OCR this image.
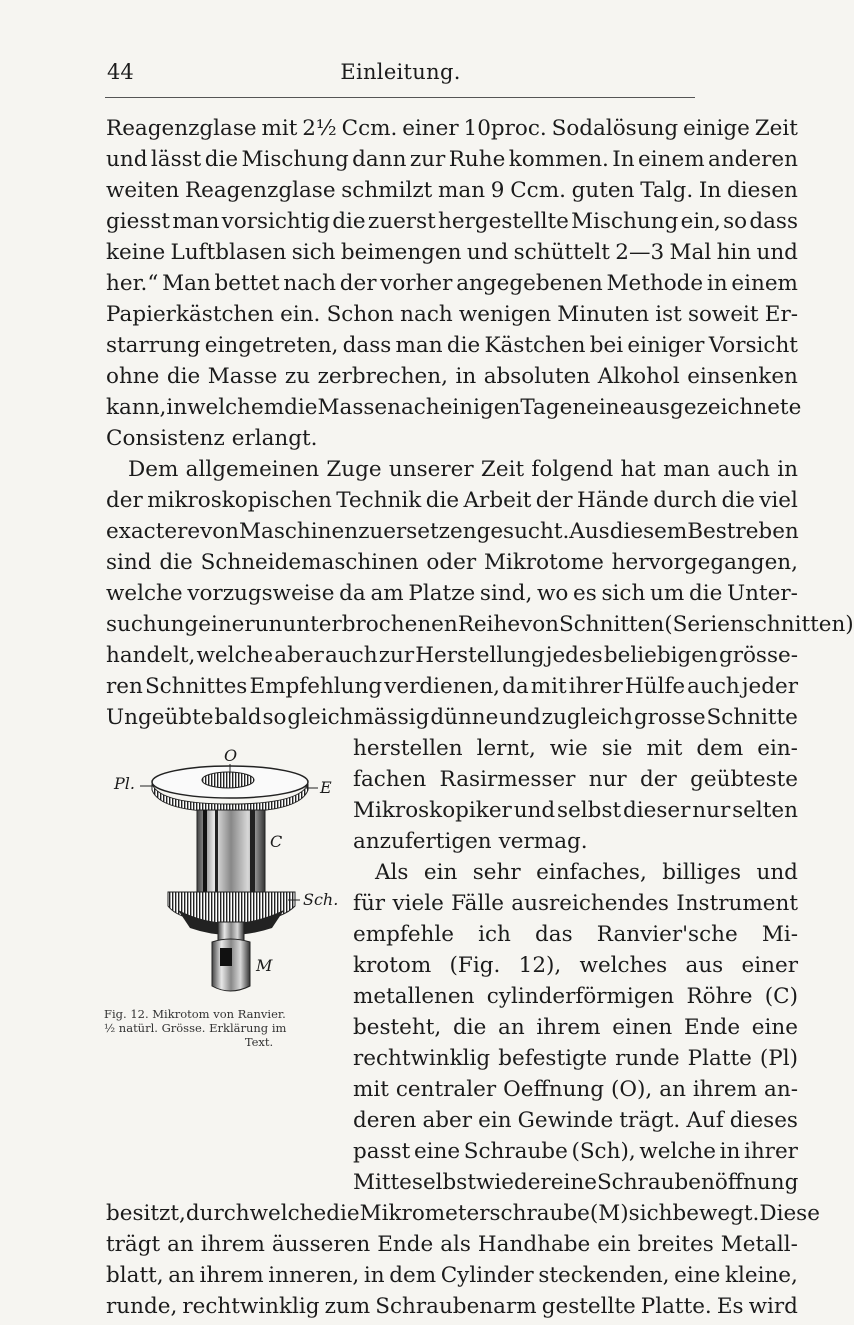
44	Einleitung.
Reagenzglase mit 2½ Ccm. einer 10proc. Sodalösung einige Zeit
und lässt die Mischung dann zur Ruhe kommen. In einem anderen
weiten Reagenzglase schmilzt man 9 Ccm. guten Talg. In diesen
giesst man vorsichtig die zuerst hergestellte Mischung ein, so dass
keine Luftblasen sich beimengen und schüttelt 2—3 Mal hin und
her.“ Man bettet nach der vorher angegebenen Methode in einem
Papierkästchen ein. Schon nach wenigen Minuten ist soweit Er-
starrung eingetreten, dass man die Kästchen bei einiger Vorsicht
ohne die Masse zu zerbrechen, in absoluten Alkohol einsenken
kann, in welchem die Masse nach einigen Tagen eine ausgezeichnete
Consistenz erlangt.
Dem allgemeinen Zuge unserer Zeit folgend hat man auch in
der mikroskopischen Technik die Arbeit der Hände durch die viel
exactere von Maschinen zu ersetzen gesucht. Aus diesem Bestreben
sind die Schneidemaschinen oder Mikrotome hervorgegangen,
welche vorzugsweise da am Platze sind, wo es sich um die Unter-
suchung einer ununterbrochenen Reihe von Schnitten (Serienschnitten)
handelt, welche aber auch zur Herstellung jedes beliebigen grösse-
ren Schnittes Empfehlung verdienen, da mit ihrer Hülfe auch jeder
Ungeübte bald so gleichmässig dünne und zugleich grosse Schnitte
herstellen lernt, wie sie mit dem ein-
fachen Rasirmesser nur der geübteste
Mikroskopiker und selbst dieser nur selten
anzufertigen vermag.
Als ein sehr einfaches, billiges und
für viele Fälle ausreichendes Instrument
empfehle ich das Ranvier'sche Mi-
krotom (Fig. 12), welches aus einer
metallenen cylinderförmigen Röhre (C)
besteht, die an ihrem einen Ende eine
rechtwinklig befestigte runde Platte (Pl)
mit centraler Oeffnung (O), an ihrem an-
deren aber ein Gewinde trägt. Auf dieses
passt eine Schraube (Sch), welche in ihrer
Mitte selbst wieder eine Schraubenöffnung
besitzt, durch welche die Mikrometerschraube (M) sich bewegt. Diese
trägt an ihrem äusseren Ende als Handhabe ein breites Metall-
blatt, an ihrem inneren, in dem Cylinder steckenden, eine kleine,
runde, rechtwinklig zum Schraubenarm gestellte Platte. Es wird
O
Pl.	E
C
Sch.
M
Fig. 12. Mikrotom von Ranvier.
½ natürl. Grösse. Erklärung im
Text.
